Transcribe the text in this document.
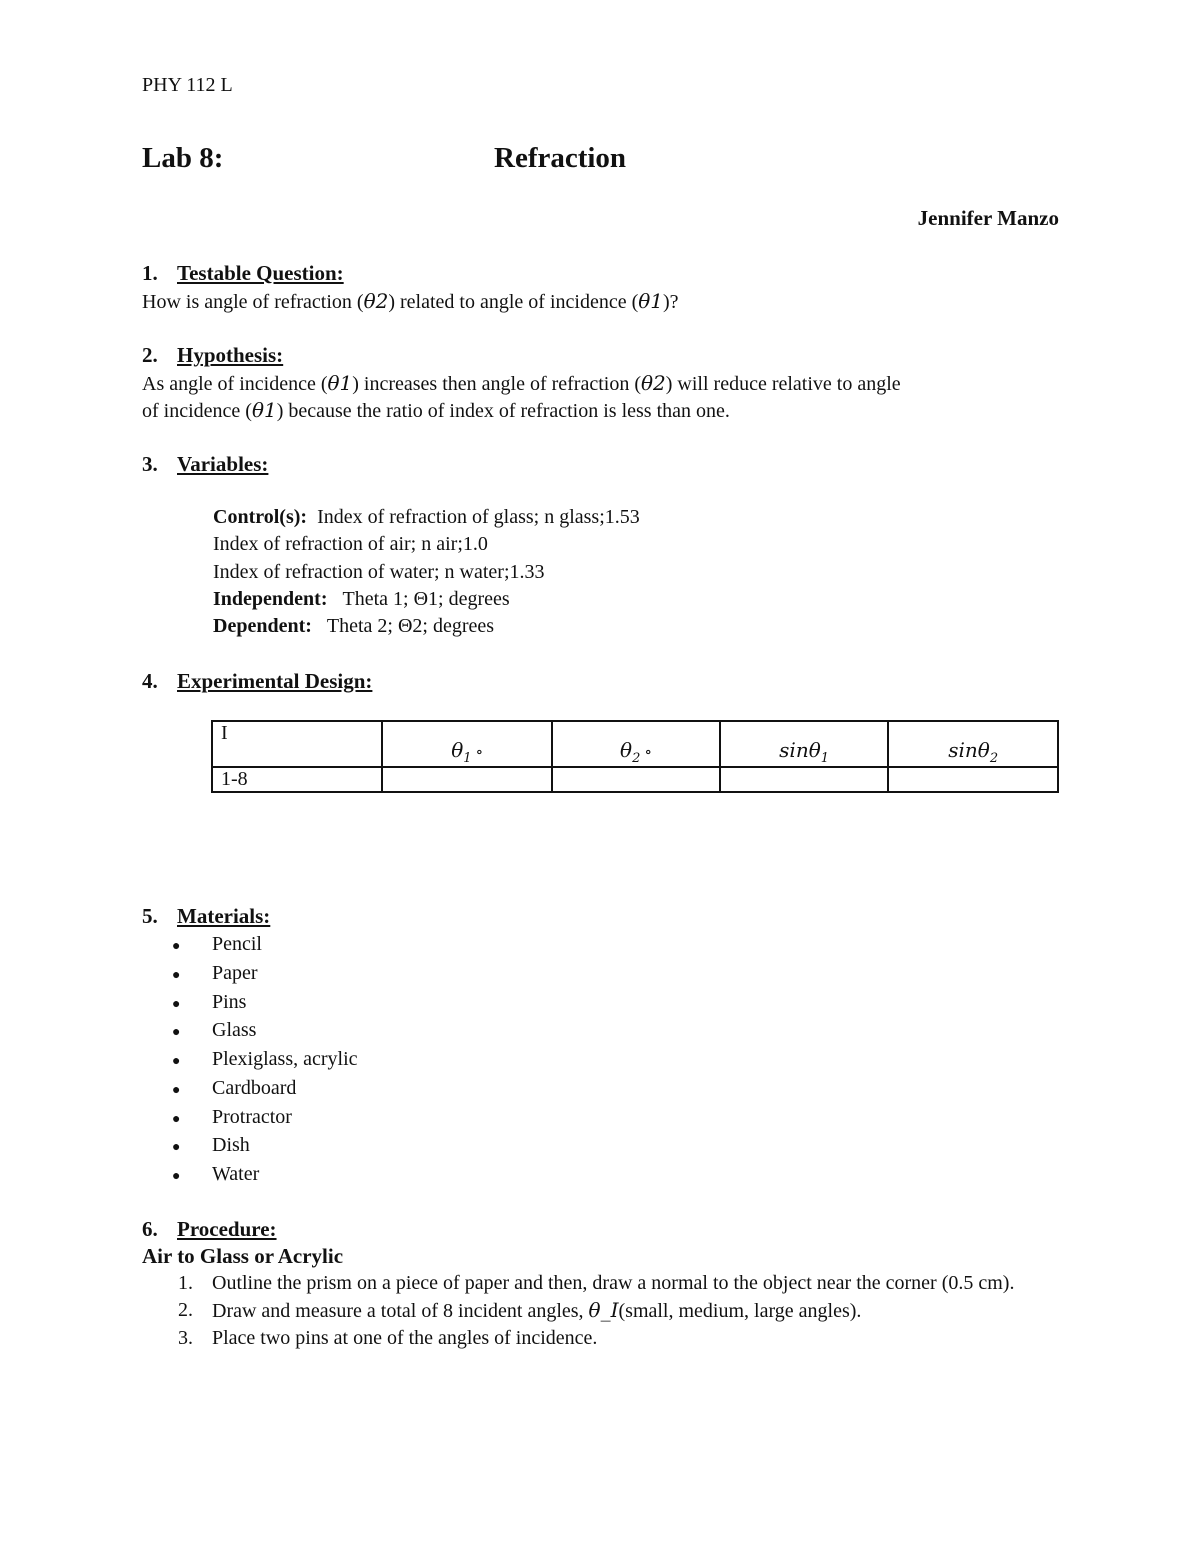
PHY 112 L
Lab 8:	Refraction
Jennifer Manzo
1. Testable Question:
How is angle of refraction (θ2) related to angle of incidence (θ1)?
2. Hypothesis:
As angle of incidence (θ1) increases then angle of refraction (θ2) will reduce relative to angle
of incidence (θ1) because the ratio of index of refraction is less than one.
3. Variables:
Control(s): Index of refraction of glass; n glass;1.53
Index of refraction of air; n air;1.0
Index of refraction of water; n water;1.33
Independent: Theta 1; Θ1; degrees
Dependent: Theta 2; Θ2; degrees
4. Experimental Design:
I	$\theta_1$ ∘	$\theta_2$ ∘	sinθ$_1$	sinθ$_2$

1-8				
5. Materials:
● Pencil
● Paper
● Pins
● Glass
● Plexiglass, acrylic
● Cardboard
● Protractor
● Dish
● Water
6. Procedure:
Air to Glass or Acrylic
1. Outline the prism on a piece of paper and then, draw a normal to the object near the corner (0.5 cm).
2. Draw and measure a total of 8 incident angles, θ_I(small, medium, large angles).
3. Place two pins at one of the angles of incidence.
